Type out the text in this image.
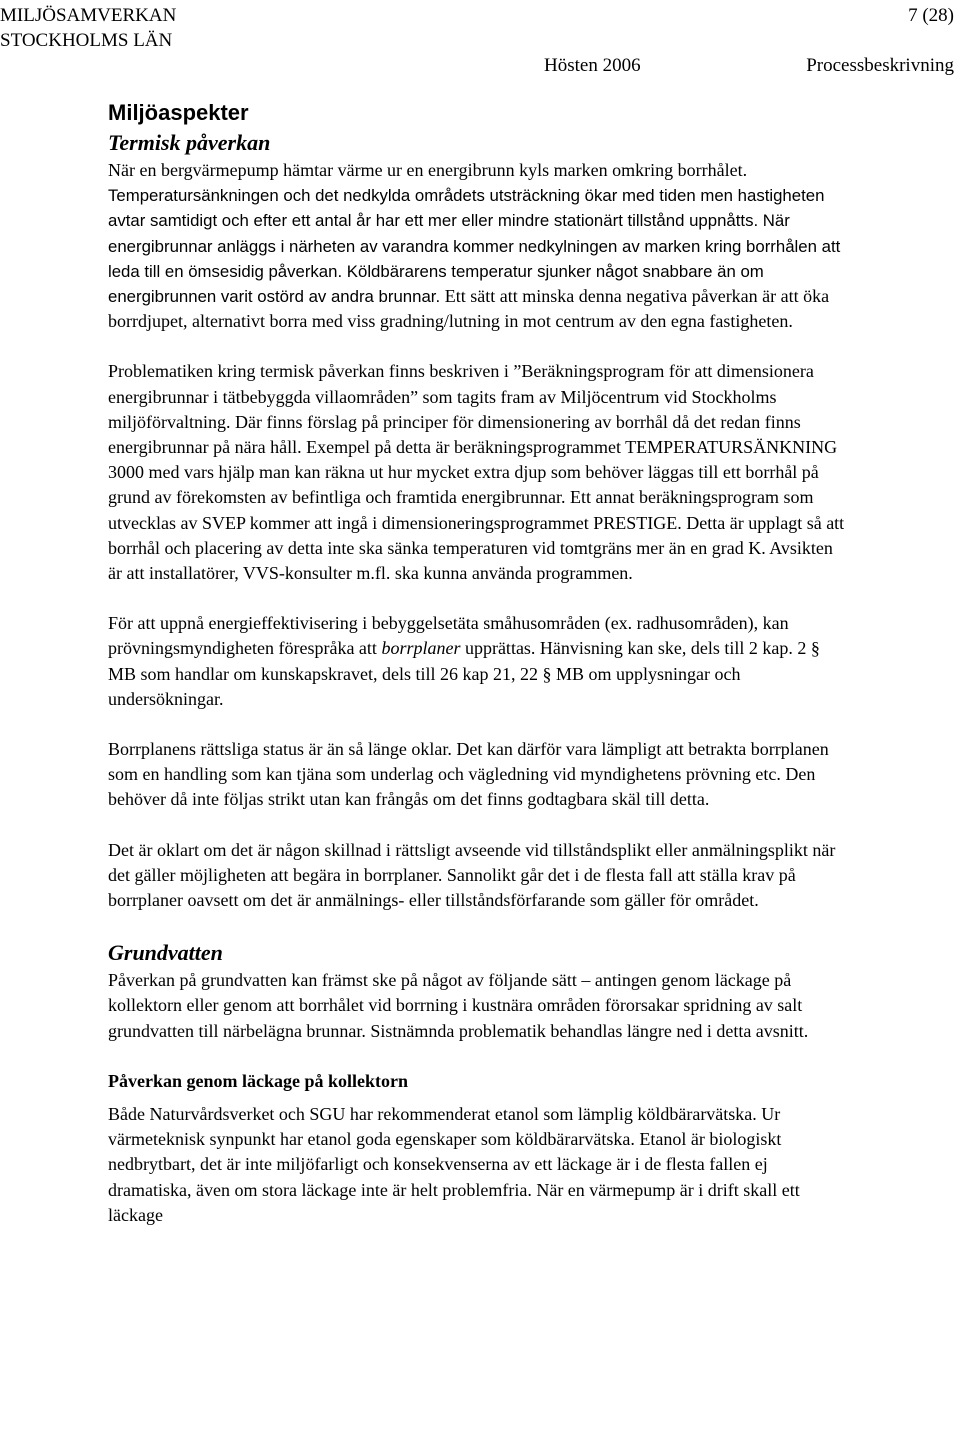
MILJÖSAMVERKAN
STOCKHOLMS LÄN
7 (28)
Hösten 2006	Processbeskrivning
Miljöaspekter
Termisk påverkan

När en bergvärmepump hämtar värme ur en energibrunn kyls marken omkring borrhålet. Temperatursänkningen och det nedkylda områdets utsträckning ökar med tiden men hastigheten avtar samtidigt och efter ett antal år har ett mer eller mindre stationärt tillstånd uppnåtts. När energibrunnar anläggs i närheten av varandra kommer nedkylningen av marken kring borrhålen att leda till en ömsesidig påverkan. Köldbärarens temperatur sjunker något snabbare än om energibrunnen varit ostörd av andra brunnar. Ett sätt att minska denna negativa påverkan är att öka borrdjupet, alternativt borra med viss gradning/lutning in mot centrum av den egna fastigheten.

Problematiken kring termisk påverkan finns beskriven i ”Beräkningsprogram för att dimensionera energibrunnar i tätbebyggda villaområden” som tagits fram av Miljöcentrum vid Stockholms miljöförvaltning. Där finns förslag på principer för dimensionering av borrhål då det redan finns energibrunnar på nära håll. Exempel på detta är beräkningsprogrammet TEMPERATURSÄNKNING 3000 med vars hjälp man kan räkna ut hur mycket extra djup som behöver läggas till ett borrhål på grund av förekomsten av befintliga och framtida energibrunnar. Ett annat beräkningsprogram som utvecklas av SVEP kommer att ingå i dimensioneringsprogrammet PRESTIGE. Detta är upplagt så att borrhål och placering av detta inte ska sänka temperaturen vid tomtgräns mer än en grad K. Avsikten är att installatörer, VVS-konsulter m.fl. ska kunna använda programmen.

För att uppnå energieffektivisering i bebyggelsetäta småhusområden (ex. radhusområden), kan prövningsmyndigheten förespråka att borrplaner upprättas. Hänvisning kan ske, dels till 2 kap. 2 § MB som handlar om kunskapskravet, dels till 26 kap 21, 22 § MB om upplysningar och undersökningar.

Borrplanens rättsliga status är än så länge oklar. Det kan därför vara lämpligt att betrakta borrplanen som en handling som kan tjäna som underlag och vägledning vid myndighetens prövning etc. Den behöver då inte följas strikt utan kan frångås om det finns godtagbara skäl till detta.

Det är oklart om det är någon skillnad i rättsligt avseende vid tillståndsplikt eller anmälningsplikt när det gäller möjligheten att begära in borrplaner. Sannolikt går det i de flesta fall att ställa krav på borrplaner oavsett om det är anmälnings- eller tillståndsförfarande som gäller för området.

Grundvatten

Påverkan på grundvatten kan främst ske på något av följande sätt – antingen genom läckage på kollektorn eller genom att borrhålet vid borrning i kustnära områden förorsakar spridning av salt grundvatten till närbelägna brunnar. Sistnämnda problematik behandlas längre ned i detta avsnitt.

Påverkan genom läckage på kollektorn

Både Naturvårdsverket och SGU har rekommenderat etanol som lämplig köldbärarvätska. Ur värmeteknisk synpunkt har etanol goda egenskaper som köldbärarvätska. Etanol är biologiskt nedbrytbart, det är inte miljöfarligt och konsekvenserna av ett läckage är i de flesta fallen ej dramatiska, även om stora läckage inte är helt problemfria. När en värmepump är i drift skall ett läckage
